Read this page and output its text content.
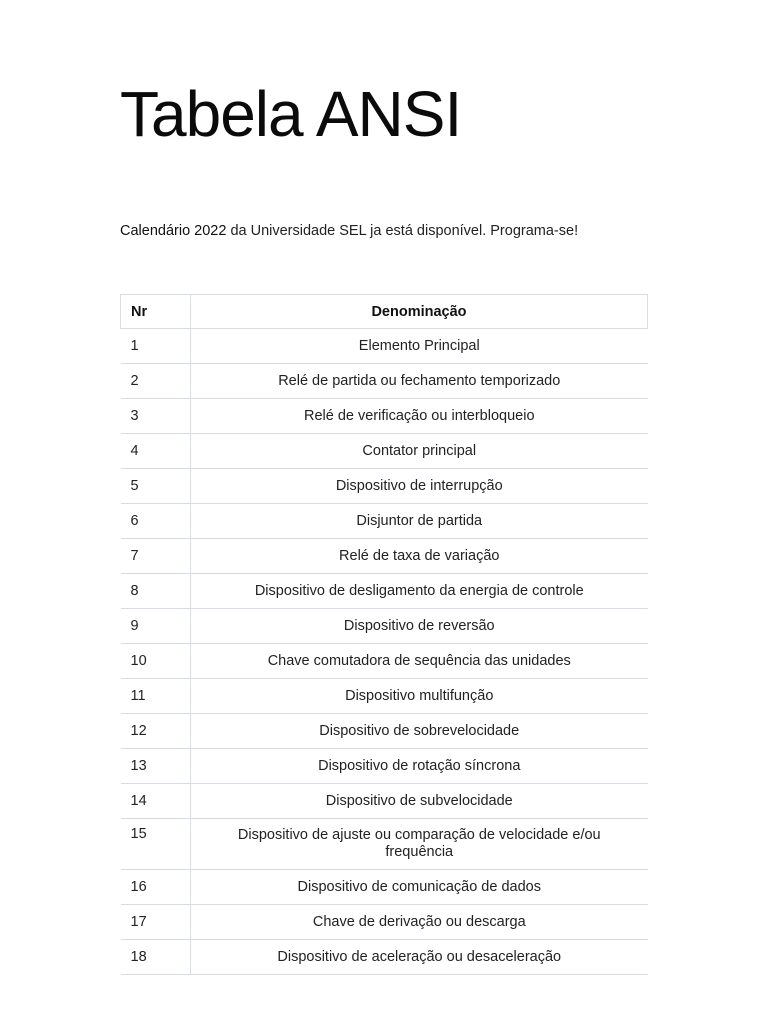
Tabela ANSI

Calendário 2022 da Universidade SEL ja está disponível. Programa-se!

Nr	Denominação
1	Elemento Principal
2	Relé de partida ou fechamento temporizado
3	Relé de verificação ou interbloqueio
4	Contator principal
5	Dispositivo de interrupção
6	Disjuntor de partida
7	Relé de taxa de variação
8	Dispositivo de desligamento da energia de controle
9	Dispositivo de reversão
10	Chave comutadora de sequência das unidades
11	Dispositivo multifunção
12	Dispositivo de sobrevelocidade
13	Dispositivo de rotação síncrona
14	Dispositivo de subvelocidade
15	Dispositivo de ajuste ou comparação de velocidade e/ou frequência
16	Dispositivo de comunicação de dados
17	Chave de derivação ou descarga
18	Dispositivo de aceleração ou desaceleração
